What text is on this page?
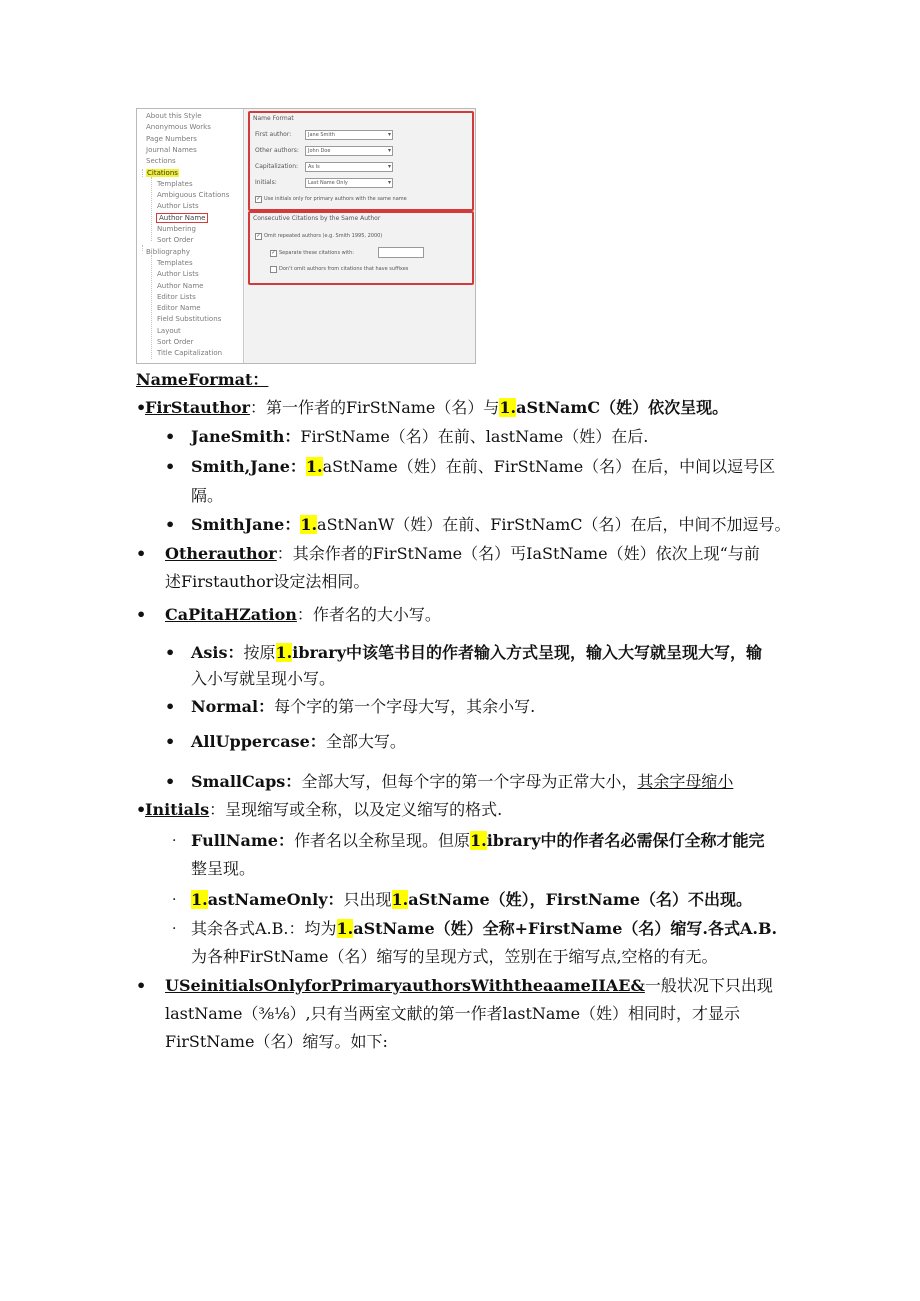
About this Style
Anonymous Works
Page Numbers
Journal Names
Sections
Citations
Templates
Ambiguous Citations
Author Lists
Author Name
Numbering
Sort Order
Bibliography
Templates
Author Lists
Author Name
Editor Lists
Editor Name
Field Substitutions
Layout
Sort Order
Title Capitalization
Name Format
First author:	Jane Smith ▾
Other authors:	John Doe ▾
Capitalization:	As Is ▾
Initials:	Last Name Only ▾
✓ Use initials only for primary authors with the same name
Consecutive Citations by the Same Author
✓ Omit repeated authors (e.g. Smith 1995, 2000)
✓ Separate these citations with:
Don't omit authors from citations that have suffixes
NameFormat：
•
FirStauthor：第一作者的FirStName（名）与1.aStNamC（姓）依次呈现。
• JaneSmith：FirStName（名）在前、lastName（姓）在后.
• Smith,Jane：1.aStName（姓）在前、FirStName（名）在后，中间以逗号区
隔。
• SmithJane：1.aStNanW（姓）在前、FirStNamC（名）在后，中间不加逗号。
• Otherauthor：其余作者的FirStName（名）丐IaStName（姓）依次上现“与前
述Firstauthor设定法相同。
• CaPitaHZation：作者名的大小写。
• Asis：按原1.ibrary中该笔书目的作者输入方式呈现，输入大写就呈现大写，输
入小写就呈现小写。
• Normal：每个字的第一个字母大写，其余小写.
• AllUppercase：全部大写。
• SmallCaps：全部大写，但每个字的第一个字母为正常大小，其余字母缩小
•
Initials：呈现缩写或全称，以及定义缩写的格式.
· FullName：作者名以全称呈现。但原1.ibrary中的作者名必需保仃全称才能完
整呈现。
· 1.astNameOnly：只出现1.aStName（姓），FirstName（名）不出现。
· 其余各式A.B.：均为1.aStName（姓）全称+FirstName（名）缩写.各式A.B.
为各种FirStName（名）缩写的呈现方式，笠别在于缩写点,空格的有无。
• USeinitialsOnlyforPrimaryauthorsWiththeaameIIAE&一般状况下只出现
lastName（⅜⅛）,只有当两室文献的第一作者lastName（姓）相同时，才显示
FirStName（名）缩写。如下:
